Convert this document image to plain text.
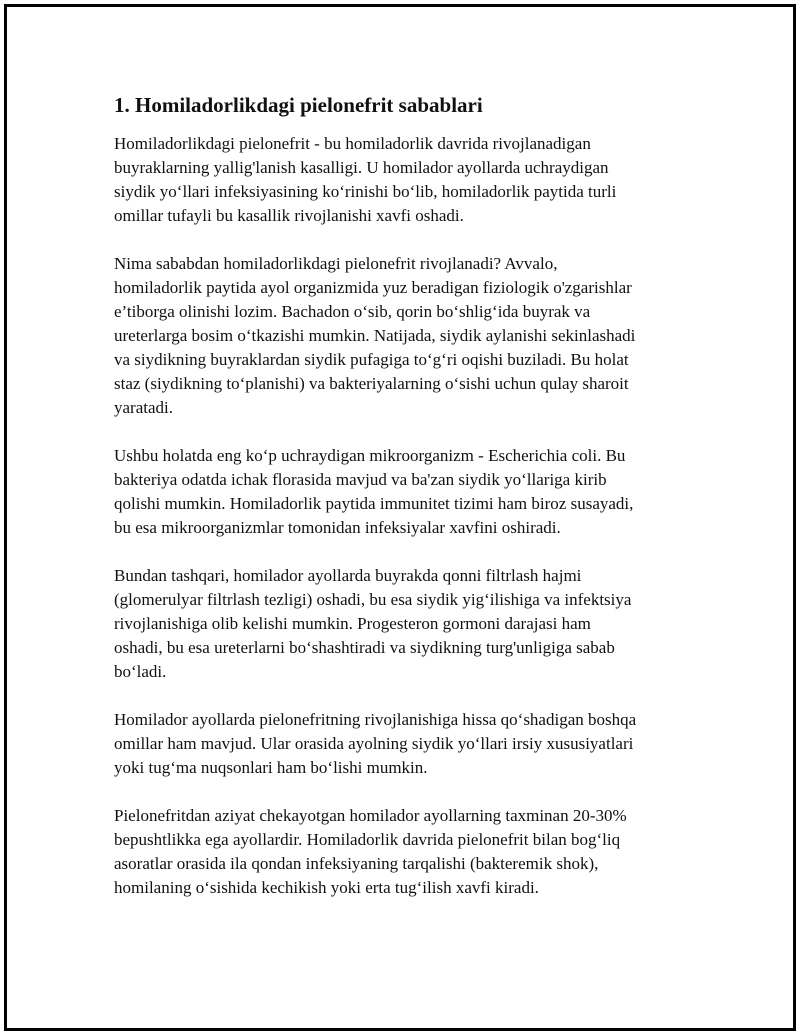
1. Homiladorlikdagi pielonefrit sabablari
Homiladorlikdagi pielonefrit - bu homiladorlik davrida rivojlanadigan
buyraklarning yallig'lanish kasalligi. U homilador ayollarda uchraydigan
siydik yo‘llari infeksiyasining ko‘rinishi bo‘lib, homiladorlik paytida turli
omillar tufayli bu kasallik rivojlanishi xavfi oshadi.
Nima sababdan homiladorlikdagi pielonefrit rivojlanadi? Avvalo,
homiladorlik paytida ayol organizmida yuz beradigan fiziologik o'zgarishlar
e’tiborga olinishi lozim. Bachadon o‘sib, qorin bo‘shlig‘ida buyrak va
ureterlarga bosim o‘tkazishi mumkin. Natijada, siydik aylanishi sekinlashadi
va siydikning buyraklardan siydik pufagiga to‘g‘ri oqishi buziladi. Bu holat
staz (siydikning to‘planishi) va bakteriyalarning o‘sishi uchun qulay sharoit
yaratadi.
Ushbu holatda eng ko‘p uchraydigan mikroorganizm - Escherichia coli. Bu
bakteriya odatda ichak florasida mavjud va ba'zan siydik yo‘llariga kirib
qolishi mumkin. Homiladorlik paytida immunitet tizimi ham biroz susayadi,
bu esa mikroorganizmlar tomonidan infeksiyalar xavfini oshiradi.
Bundan tashqari, homilador ayollarda buyrakda qonni filtrlash hajmi
(glomerulyar filtrlash tezligi) oshadi, bu esa siydik yig‘ilishiga va infektsiya
rivojlanishiga olib kelishi mumkin. Progesteron gormoni darajasi ham
oshadi, bu esa ureterlarni bo‘shashtiradi va siydikning turg'unligiga sabab
bo‘ladi.
Homilador ayollarda pielonefritning rivojlanishiga hissa qo‘shadigan boshqa
omillar ham mavjud. Ular orasida ayolning siydik yo‘llari irsiy xususiyatlari
yoki tug‘ma nuqsonlari ham bo‘lishi mumkin.
Pielonefritdan aziyat chekayotgan homilador ayollarning taxminan 20-30%
bepushtlikka ega ayollardir. Homiladorlik davrida pielonefrit bilan bog‘liq
asoratlar orasida ila qondan infeksiyaning tarqalishi (bakteremik shok),
homilaning o‘sishida kechikish yoki erta tug‘ilish xavfi kiradi.
